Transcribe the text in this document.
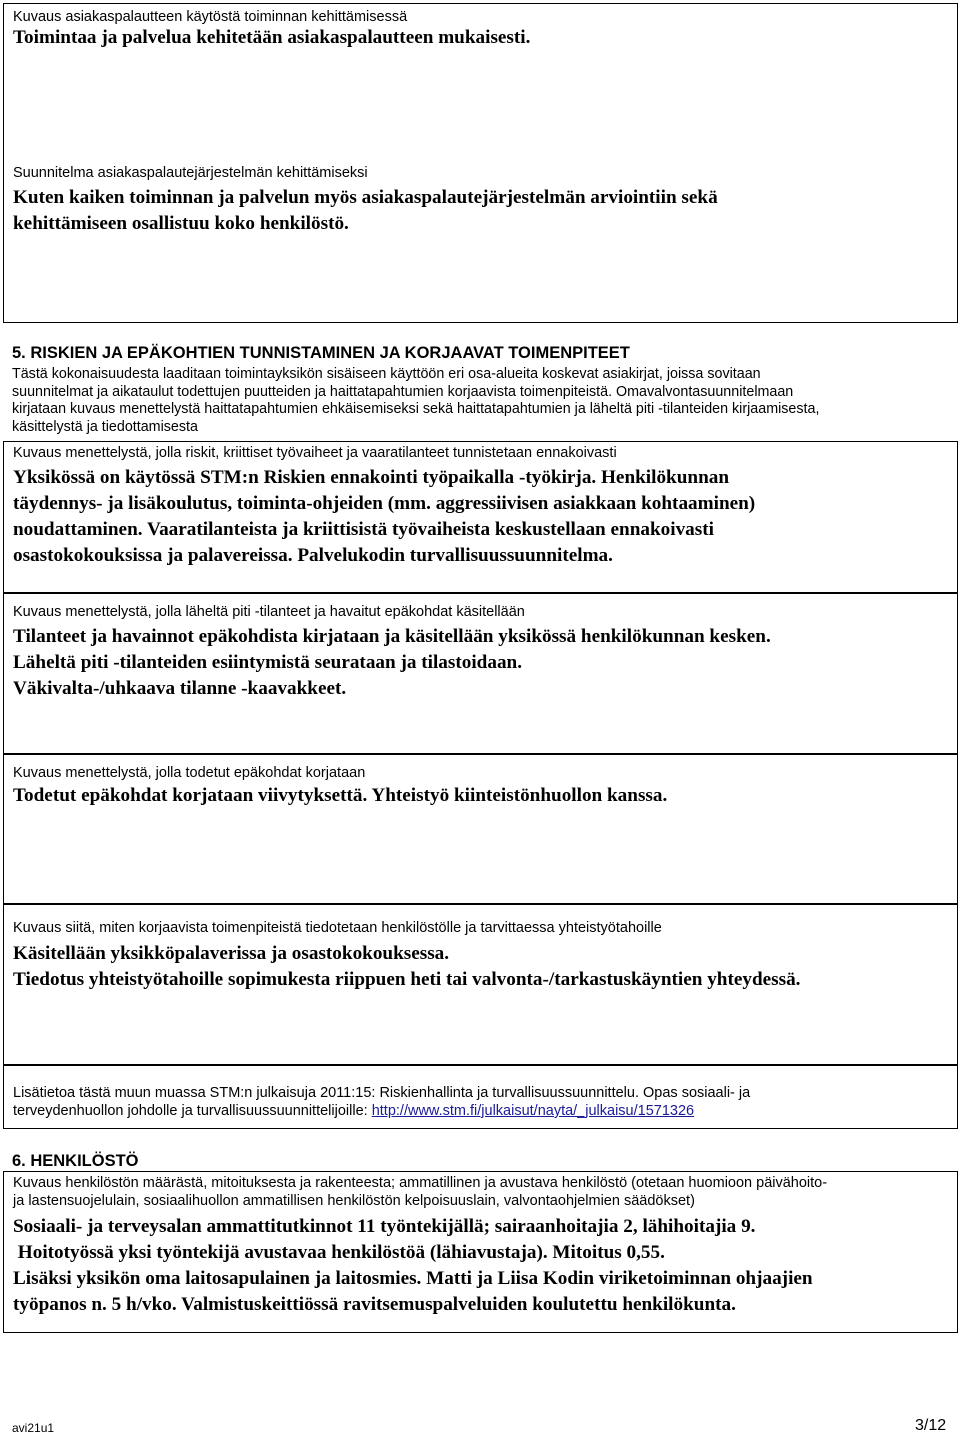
Kuvaus asiakaspalautteen käytöstä toiminnan kehittämisessä
Toimintaa ja palvelua kehitetään asiakaspalautteen mukaisesti.
Suunnitelma asiakaspalautejärjestelmän kehittämiseksi
Kuten kaiken toiminnan ja palvelun myös asiakaspalautejärjestelmän arviointiin sekä
kehittämiseen osallistuu koko henkilöstö.
5. RISKIEN JA EPÄKOHTIEN TUNNISTAMINEN JA KORJAAVAT TOIMENPITEET
Tästä kokonaisuudesta laaditaan toimintayksikön sisäiseen käyttöön eri osa-alueita koskevat asiakirjat, joissa sovitaan
suunnitelmat ja aikataulut todettujen puutteiden ja haittatapahtumien korjaavista toimenpiteistä. Omavalvontasuunnitelmaan
kirjataan kuvaus menettelystä haittatapahtumien ehkäisemiseksi sekä haittatapahtumien ja läheltä piti -tilanteiden kirjaamisesta,
käsittelystä ja tiedottamisesta
Kuvaus menettelystä, jolla riskit, kriittiset työvaiheet ja vaaratilanteet tunnistetaan ennakoivasti
Yksikössä on käytössä STM:n Riskien ennakointi työpaikalla -työkirja. Henkilökunnan
täydennys- ja lisäkoulutus, toiminta-ohjeiden (mm. aggressiivisen asiakkaan kohtaaminen)
noudattaminen. Vaaratilanteista ja kriittisistä työvaiheista keskustellaan ennakoivasti
osastokokouksissa ja palavereissa. Palvelukodin turvallisuussuunnitelma.
Kuvaus menettelystä, jolla läheltä piti -tilanteet ja havaitut epäkohdat käsitellään
Tilanteet ja havainnot epäkohdista kirjataan ja käsitellään yksikössä henkilökunnan kesken.
Läheltä piti -tilanteiden esiintymistä seurataan ja tilastoidaan.
Väkivalta-/uhkaava tilanne -kaavakkeet.
Kuvaus menettelystä, jolla todetut epäkohdat korjataan
Todetut epäkohdat korjataan viivytyksettä. Yhteistyö kiinteistönhuollon kanssa.
Kuvaus siitä, miten korjaavista toimenpiteistä tiedotetaan henkilöstölle ja tarvittaessa yhteistyötahoille
Käsitellään yksikköpalaverissa ja osastokokouksessa.
Tiedotus yhteistyötahoille sopimukesta riippuen heti tai valvonta-/tarkastuskäyntien yhteydessä.
Lisätietoa tästä muun muassa STM:n julkaisuja 2011:15: Riskienhallinta ja turvallisuussuunnittelu. Opas sosiaali- ja
terveydenhuollon johdolle ja turvallisuussuunnittelijoille: http://www.stm.fi/julkaisut/nayta/_julkaisu/1571326
6. HENKILÖSTÖ
Kuvaus henkilöstön määrästä, mitoituksesta ja rakenteesta; ammatillinen ja avustava henkilöstö (otetaan huomioon päivähoito-
ja lastensuojelulain, sosiaalihuollon ammatillisen henkilöstön kelpoisuuslain, valvontaohjelmien säädökset)
Sosiaali- ja terveysalan ammattitutkinnot 11 työntekijällä; sairaanhoitajia 2, lähihoitajia 9.
Hoitotyössä yksi työntekijä avustavaa henkilöstöä (lähiavustaja). Mitoitus 0,55.
Lisäksi yksikön oma laitosapulainen ja laitosmies. Matti ja Liisa Kodin viriketoiminnan ohjaajien
työpanos n. 5 h/vko. Valmistuskeittiössä ravitsemuspalveluiden koulutettu henkilökunta.
avi21u1	3/12
